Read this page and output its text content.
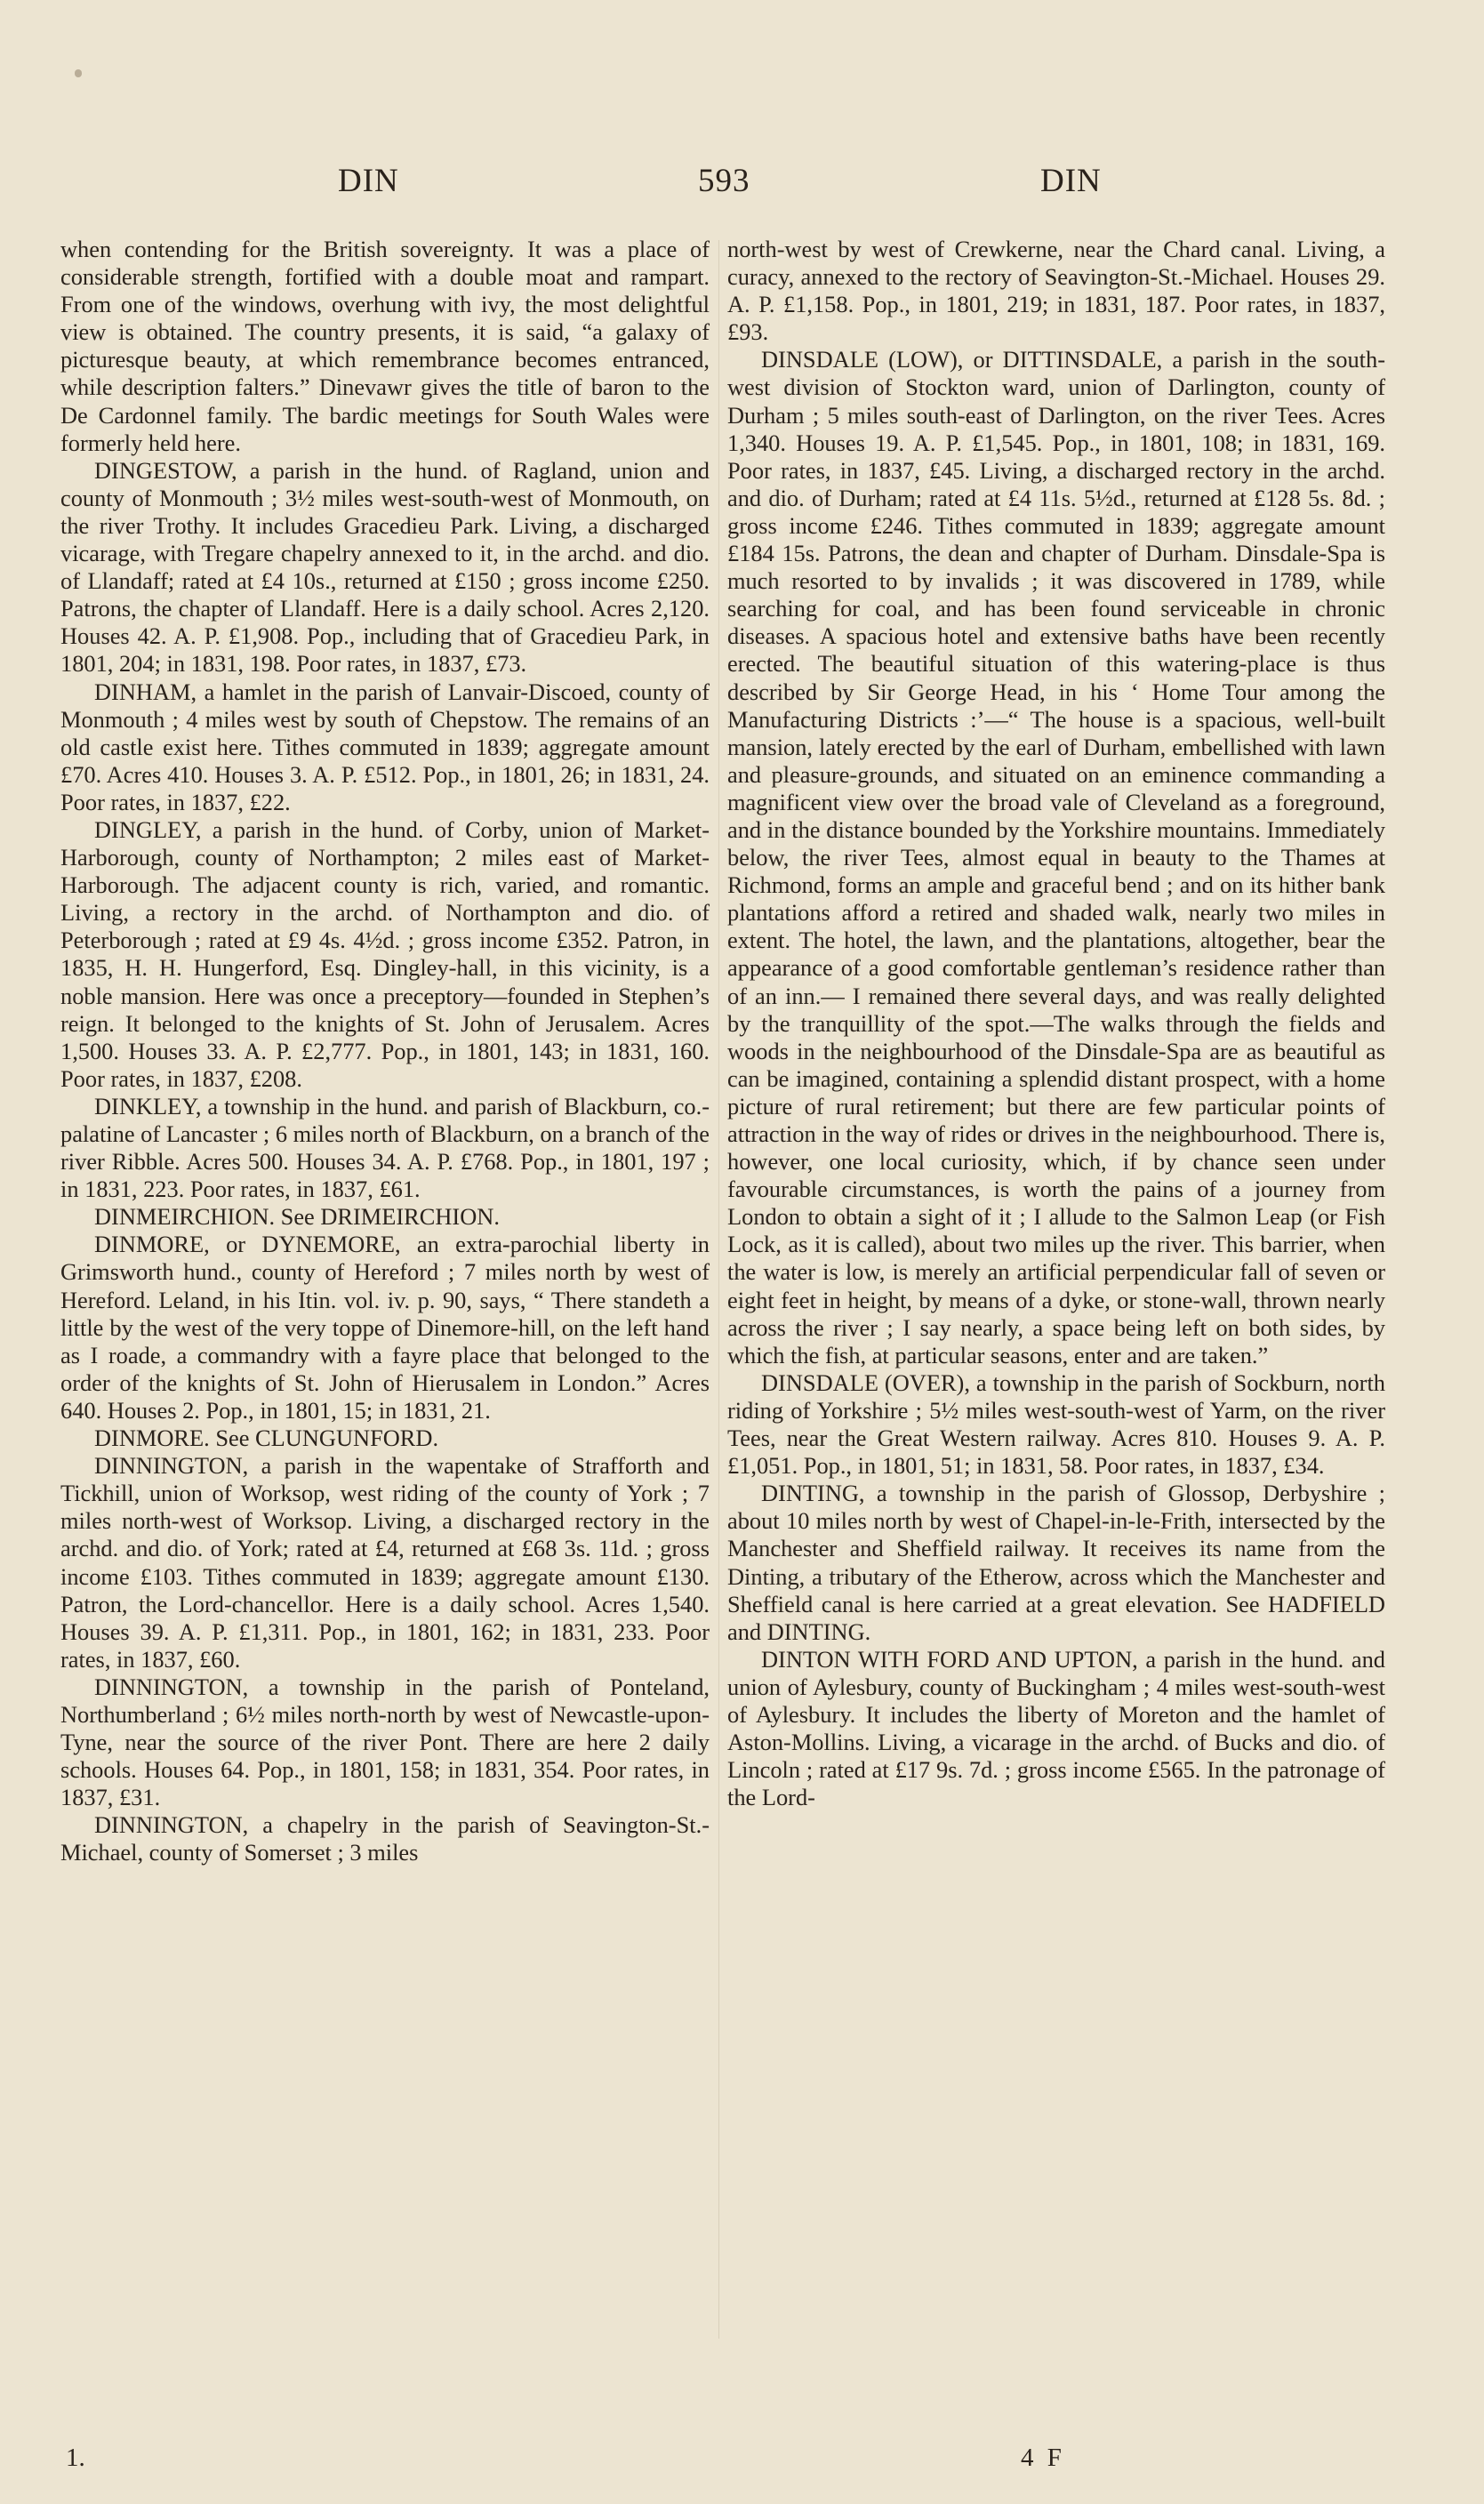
DIN	593	DIN

when contending for the British sovereignty. It was a place of considerable strength, fortified with a double moat and rampart. From one of the windows, overhung with ivy, the most delightful view is obtained. The country presents, it is said, “a galaxy of picturesque beauty, at which remembrance becomes entranced, while description falters.” Dinevawr gives the title of baron to the De Cardonnel family. The bardic meetings for South Wales were formerly held here.

DINGESTOW, a parish in the hund. of Ragland, union and county of Monmouth ; 3½ miles west-south-west of Monmouth, on the river Trothy. It includes Gracedieu Park. Living, a discharged vicarage, with Tregare chapelry annexed to it, in the archd. and dio. of Llandaff; rated at £4 10s., returned at £150 ; gross income £250. Patrons, the chapter of Llandaff. Here is a daily school. Acres 2,120. Houses 42. A. P. £1,908. Pop., including that of Gracedieu Park, in 1801, 204; in 1831, 198. Poor rates, in 1837, £73.

DINHAM, a hamlet in the parish of Lanvair-Discoed, county of Monmouth ; 4 miles west by south of Chepstow. The remains of an old castle exist here. Tithes commuted in 1839; aggregate amount £70. Acres 410. Houses 3. A. P. £512. Pop., in 1801, 26; in 1831, 24. Poor rates, in 1837, £22.

DINGLEY, a parish in the hund. of Corby, union of Market-Harborough, county of Northampton; 2 miles east of Market-Harborough. The adjacent county is rich, varied, and romantic. Living, a rectory in the archd. of Northampton and dio. of Peterborough ; rated at £9 4s. 4½d. ; gross income £352. Patron, in 1835, H. H. Hungerford, Esq. Dingley-hall, in this vicinity, is a noble mansion. Here was once a preceptory—founded in Stephen’s reign. It belonged to the knights of St. John of Jerusalem. Acres 1,500. Houses 33. A. P. £2,777. Pop., in 1801, 143; in 1831, 160. Poor rates, in 1837, £208.

DINKLEY, a township in the hund. and parish of Blackburn, co.-palatine of Lancaster ; 6 miles north of Blackburn, on a branch of the river Ribble. Acres 500. Houses 34. A. P. £768. Pop., in 1801, 197 ; in 1831, 223. Poor rates, in 1837, £61.

DINMEIRCHION. See DRIMEIRCHION.

DINMORE, or DYNEMORE, an extra-parochial liberty in Grimsworth hund., county of Hereford ; 7 miles north by west of Hereford. Leland, in his Itin. vol. iv. p. 90, says, “ There standeth a little by the west of the very toppe of Dinemore-hill, on the left hand as I roade, a commandry with a fayre place that belonged to the order of the knights of St. John of Hierusalem in London.” Acres 640. Houses 2. Pop., in 1801, 15; in 1831, 21.

DINMORE. See CLUNGUNFORD.

DINNINGTON, a parish in the wapentake of Strafforth and Tickhill, union of Worksop, west riding of the county of York ; 7 miles north-west of Worksop. Living, a discharged rectory in the archd. and dio. of York; rated at £4, returned at £68 3s. 11d. ; gross income £103. Tithes commuted in 1839; aggregate amount £130. Patron, the Lord-chancellor. Here is a daily school. Acres 1,540. Houses 39. A. P. £1,311. Pop., in 1801, 162; in 1831, 233. Poor rates, in 1837, £60.

DINNINGTON, a township in the parish of Ponteland, Northumberland ; 6½ miles north-north by west of Newcastle-upon-Tyne, near the source of the river Pont. There are here 2 daily schools. Houses 64. Pop., in 1801, 158; in 1831, 354. Poor rates, in 1837, £31.

DINNINGTON, a chapelry in the parish of Seavington-St.-Michael, county of Somerset ; 3 miles

north-west by west of Crewkerne, near the Chard canal. Living, a curacy, annexed to the rectory of Seavington-St.-Michael. Houses 29. A. P. £1,158. Pop., in 1801, 219; in 1831, 187. Poor rates, in 1837, £93.

DINSDALE (LOW), or DITTINSDALE, a parish in the south-west division of Stockton ward, union of Darlington, county of Durham ; 5 miles south-east of Darlington, on the river Tees. Acres 1,340. Houses 19. A. P. £1,545. Pop., in 1801, 108; in 1831, 169. Poor rates, in 1837, £45. Living, a discharged rectory in the archd. and dio. of Durham; rated at £4 11s. 5½d., returned at £128 5s. 8d. ; gross income £246. Tithes commuted in 1839; aggregate amount £184 15s. Patrons, the dean and chapter of Durham. Dinsdale-Spa is much resorted to by invalids ; it was discovered in 1789, while searching for coal, and has been found serviceable in chronic diseases. A spacious hotel and extensive baths have been recently erected. The beautiful situation of this watering-place is thus described by Sir George Head, in his ‘ Home Tour among the Manufacturing Districts :’—“ The house is a spacious, well-built mansion, lately erected by the earl of Durham, embellished with lawn and pleasure-grounds, and situated on an eminence commanding a magnificent view over the broad vale of Cleveland as a foreground, and in the distance bounded by the Yorkshire mountains. Immediately below, the river Tees, almost equal in beauty to the Thames at Richmond, forms an ample and graceful bend ; and on its hither bank plantations afford a retired and shaded walk, nearly two miles in extent. The hotel, the lawn, and the plantations, altogether, bear the appearance of a good comfortable gentleman’s residence rather than of an inn.— I remained there several days, and was really delighted by the tranquillity of the spot.—The walks through the fields and woods in the neighbourhood of the Dinsdale-Spa are as beautiful as can be imagined, containing a splendid distant prospect, with a home picture of rural retirement; but there are few particular points of attraction in the way of rides or drives in the neighbourhood. There is, however, one local curiosity, which, if by chance seen under favourable circumstances, is worth the pains of a journey from London to obtain a sight of it ; I allude to the Salmon Leap (or Fish Lock, as it is called), about two miles up the river. This barrier, when the water is low, is merely an artificial perpendicular fall of seven or eight feet in height, by means of a dyke, or stone-wall, thrown nearly across the river ; I say nearly, a space being left on both sides, by which the fish, at particular seasons, enter and are taken.”

DINSDALE (OVER), a township in the parish of Sockburn, north riding of Yorkshire ; 5½ miles west-south-west of Yarm, on the river Tees, near the Great Western railway. Acres 810. Houses 9. A. P. £1,051. Pop., in 1801, 51; in 1831, 58. Poor rates, in 1837, £34.

DINTING, a township in the parish of Glossop, Derbyshire ; about 10 miles north by west of Chapel-in-le-Frith, intersected by the Manchester and Sheffield railway. It receives its name from the Dinting, a tributary of the Etherow, across which the Manchester and Sheffield canal is here carried at a great elevation. See HADFIELD and DINTING.

DINTON WITH FORD AND UPTON, a parish in the hund. and union of Aylesbury, county of Buckingham ; 4 miles west-south-west of Aylesbury. It includes the liberty of Moreton and the hamlet of Aston-Mollins. Living, a vicarage in the archd. of Bucks and dio. of Lincoln ; rated at £17 9s. 7d. ; gross income £565. In the patronage of the Lord-

1.	4 F
